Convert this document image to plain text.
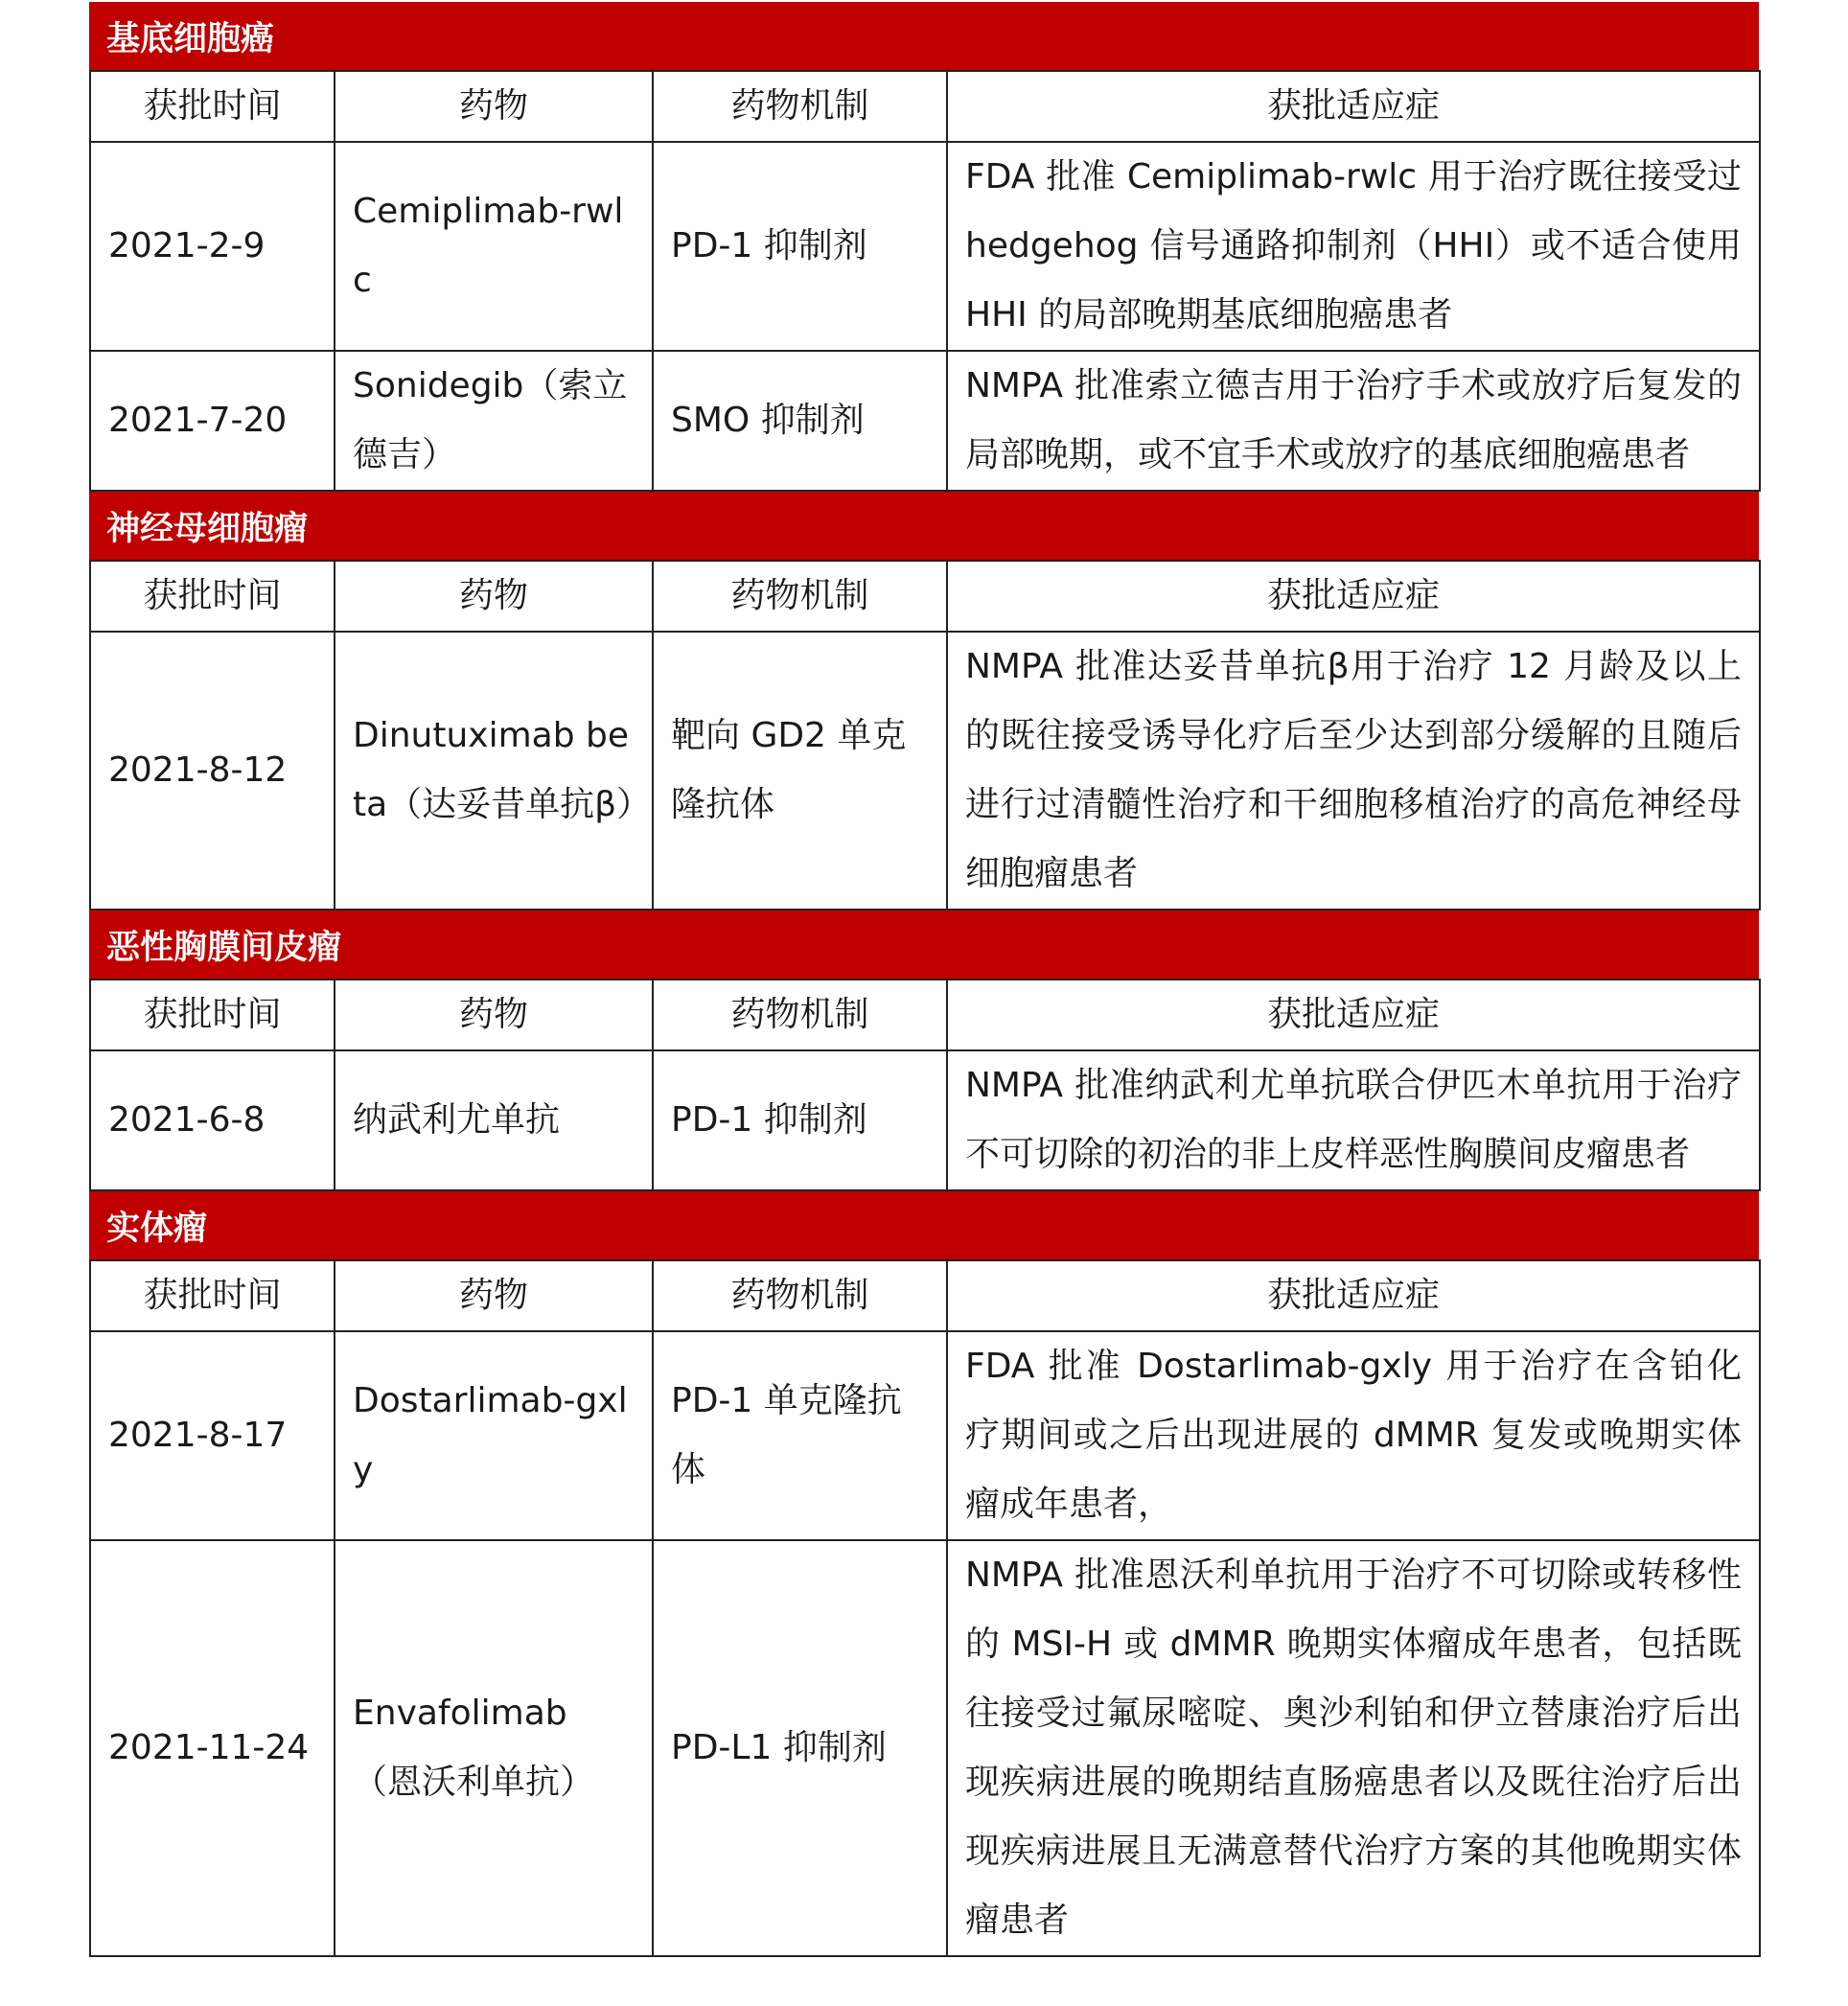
基底细胞癌
获批时间	药物	药物机制	获批适应症
2021-2-9	Cemiplimab-rwlc	PD-1 抑制剂	FDA 批准 Cemiplimab-rwlc 用于治疗既往接受过 hedgehog 信号通路抑制剂（HHI）或不适合使用 HHI 的局部晚期基底细胞癌患者
2021-7-20	Sonidegib（索立德吉）	SMO 抑制剂	NMPA 批准索立德吉用于治疗手术或放疗后复发的局部晚期，或不宜手术或放疗的基底细胞癌患者
神经母细胞瘤
获批时间	药物	药物机制	获批适应症
2021-8-12	Dinutuximab beta（达妥昔单抗β）	靶向 GD2 单克隆抗体	NMPA 批准达妥昔单抗β用于治疗 12 月龄及以上的既往接受诱导化疗后至少达到部分缓解的且随后进行过清髓性治疗和干细胞移植治疗的高危神经母细胞瘤患者
恶性胸膜间皮瘤
获批时间	药物	药物机制	获批适应症
2021-6-8	纳武利尤单抗	PD-1 抑制剂	NMPA 批准纳武利尤单抗联合伊匹木单抗用于治疗不可切除的初治的非上皮样恶性胸膜间皮瘤患者
实体瘤
获批时间	药物	药物机制	获批适应症
2021-8-17	Dostarlimab-gxly	PD-1 单克隆抗体	FDA 批准 Dostarlimab-gxly 用于治疗在含铂化疗期间或之后出现进展的 dMMR 复发或晚期实体瘤成年患者，
2021-11-24	Envafolimab（恩沃利单抗）	PD-L1 抑制剂	NMPA 批准恩沃利单抗用于治疗不可切除或转移性的 MSI-H 或 dMMR 晚期实体瘤成年患者，包括既往接受过氟尿嘧啶、奥沙利铂和伊立替康治疗后出现疾病进展的晚期结直肠癌患者以及既往治疗后出现疾病进展且无满意替代治疗方案的其他晚期实体瘤患者
